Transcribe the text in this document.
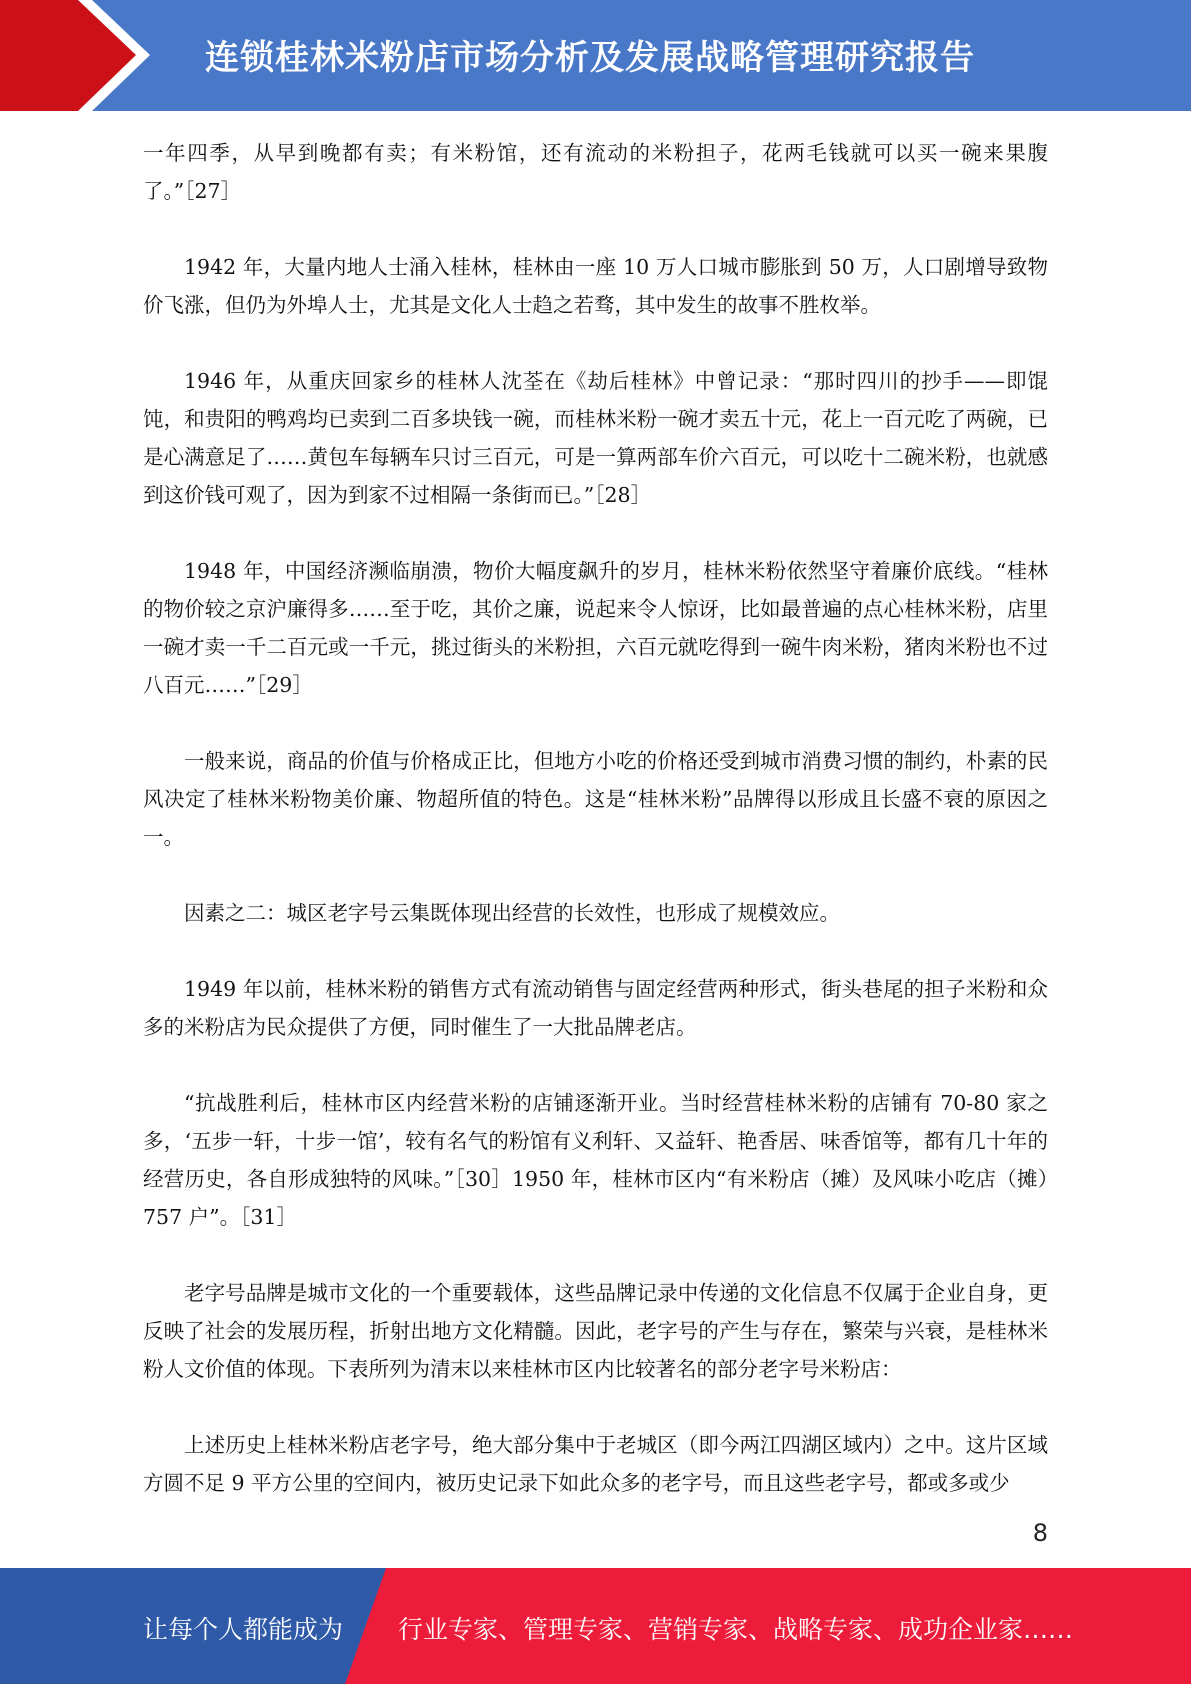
连锁桂林米粉店市场分析及发展战略管理研究报告

一年四季，从早到晚都有卖；有米粉馆，还有流动的米粉担子，花两毛钱就可以买一碗来果腹了。”［27］

1942 年，大量内地人士涌入桂林，桂林由一座 10 万人口城市膨胀到 50 万，人口剧增导致物价飞涨，但仍为外埠人士，尤其是文化人士趋之若骛，其中发生的故事不胜枚举。

1946 年，从重庆回家乡的桂林人沈荃在《劫后桂林》中曾记录：“那时四川的抄手——即馄饨，和贵阳的鸭鸡均已卖到二百多块钱一碗，而桂林米粉一碗才卖五十元，花上一百元吃了两碗，已是心满意足了……黄包车每辆车只讨三百元，可是一算两部车价六百元，可以吃十二碗米粉，也就感到这价钱可观了，因为到家不过相隔一条街而已。”［28］

1948 年，中国经济濒临崩溃，物价大幅度飙升的岁月，桂林米粉依然坚守着廉价底线。“桂林的物价较之京沪廉得多……至于吃，其价之廉，说起来令人惊讶，比如最普遍的点心桂林米粉，店里一碗才卖一千二百元或一千元，挑过街头的米粉担，六百元就吃得到一碗牛肉米粉，猪肉米粉也不过八百元……”［29］

一般来说，商品的价值与价格成正比，但地方小吃的价格还受到城市消费习惯的制约，朴素的民风决定了桂林米粉物美价廉、物超所值的特色。这是“桂林米粉”品牌得以形成且长盛不衰的原因之一。

因素之二：城区老字号云集既体现出经营的长效性，也形成了规模效应。

1949 年以前，桂林米粉的销售方式有流动销售与固定经营两种形式，街头巷尾的担子米粉和众多的米粉店为民众提供了方便，同时催生了一大批品牌老店。

“抗战胜利后，桂林市区内经营米粉的店铺逐渐开业。当时经营桂林米粉的店铺有 70-80 家之多，‘五步一轩，十步一馆’，较有名气的粉馆有义利轩、又益轩、艳香居、味香馆等，都有几十年的经营历史，各自形成独特的风味。”［30］1950 年，桂林市区内“有米粉店（摊）及风味小吃店（摊）757 户”。［31］

老字号品牌是城市文化的一个重要载体，这些品牌记录中传递的文化信息不仅属于企业自身，更反映了社会的发展历程，折射出地方文化精髓。因此，老字号的产生与存在，繁荣与兴衰，是桂林米粉人文价值的体现。下表所列为清末以来桂林市区内比较著名的部分老字号米粉店：

上述历史上桂林米粉店老字号，绝大部分集中于老城区（即今两江四湖区域内）之中。这片区域方圆不足 9 平方公里的空间内，被历史记录下如此众多的老字号，而且这些老字号，都或多或少

8
让每个人都能成为 行业专家、管理专家、营销专家、战略专家、成功企业家……
